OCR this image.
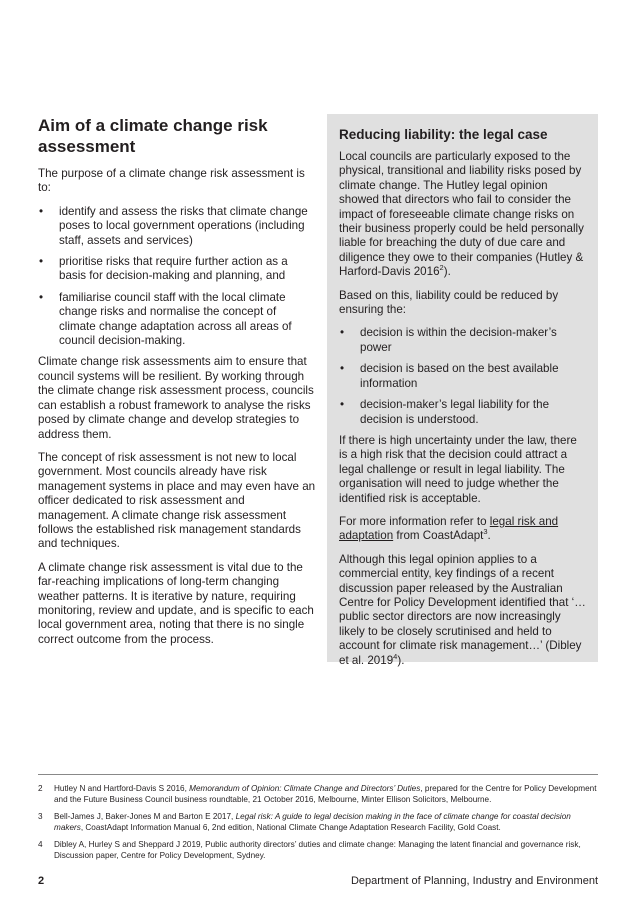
Aim of a climate change risk assessment

The purpose of a climate change risk assessment is to:

• identify and assess the risks that climate change poses to local government operations (including staff, assets and services)
• prioritise risks that require further action as a basis for decision-making and planning, and
• familiarise council staff with the local climate change risks and normalise the concept of climate change adaptation across all areas of council decision-making.

Climate change risk assessments aim to ensure that council systems will be resilient. By working through the climate change risk assessment process, councils can establish a robust framework to analyse the risks posed by climate change and develop strategies to address them.

The concept of risk assessment is not new to local government. Most councils already have risk management systems in place and may even have an officer dedicated to risk assessment and management. A climate change risk assessment follows the established risk management standards and techniques.

A climate change risk assessment is vital due to the far-reaching implications of long-term changing weather patterns. It is iterative by nature, requiring monitoring, review and update, and is specific to each local government area, noting that there is no single correct outcome from the process.

Reducing liability: the legal case

Local councils are particularly exposed to the physical, transitional and liability risks posed by climate change. The Hutley legal opinion showed that directors who fail to consider the impact of foreseeable climate change risks on their business properly could be held personally liable for breaching the duty of due care and diligence they owe to their companies (Hutley & Harford-Davis 2016$^2$).

Based on this, liability could be reduced by ensuring the:

• decision is within the decision-maker’s power
• decision is based on the best available information
• decision-maker’s legal liability for the decision is understood.

If there is high uncertainty under the law, there is a high risk that the decision could attract a legal challenge or result in legal liability. The organisation will need to judge whether the identified risk is acceptable.

For more information refer to legal risk and adaptation from CoastAdapt$^3$.

Although this legal opinion applies to a commercial entity, key findings of a recent discussion paper released by the Australian Centre for Policy Development identified that ‘… public sector directors are now increasingly likely to be closely scrutinised and held to account for climate risk management…’ (Dibley et al. 2019$^4$).

2 Hutley N and Hartford-Davis S 2016, Memorandum of Opinion: Climate Change and Directors’ Duties, prepared for the Centre for Policy Development and the Future Business Council business roundtable, 21 October 2016, Melbourne, Minter Ellison Solicitors, Melbourne.
3 Bell-James J, Baker-Jones M and Barton E 2017, Legal risk: A guide to legal decision making in the face of climate change for coastal decision makers, CoastAdapt Information Manual 6, 2nd edition, National Climate Change Adaptation Research Facility, Gold Coast.
4 Dibley A, Hurley S and Sheppard J 2019, Public authority directors’ duties and climate change: Managing the latent financial and governance risk, Discussion paper, Centre for Policy Development, Sydney.
2	Department of Planning, Industry and Environment
